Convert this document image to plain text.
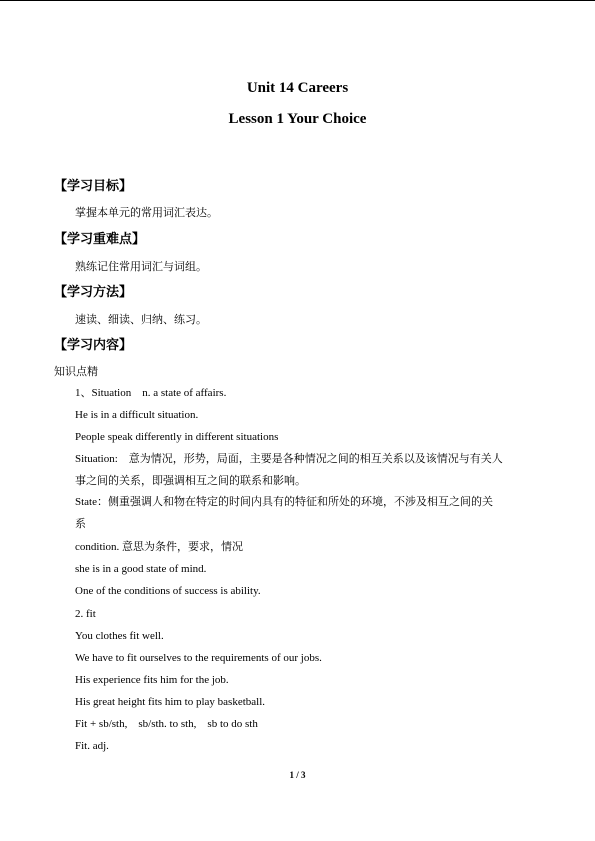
Unit 14 Careers
Lesson 1 Your Choice
【学习目标】
掌握本单元的常用词汇表达。
【学习重难点】
熟练记住常用词汇与词组。
【学习方法】
速读、细读、归纳、练习。
【学习内容】
知识点精
1、Situation　n. a state of affairs.
He is in a difficult situation.
People speak differently in different situations
Situation:　意为情况，形势，局面，主要是各种情况之间的相互关系以及该情况与有关人
事之间的关系，即强调相互之间的联系和影响。
State：侧重强调人和物在特定的时间内具有的特征和所处的环境，不涉及相互之间的关
系
condition. 意思为条件，要求，情况
she is in a good state of mind.
One of the conditions of success is ability.
2. fit
You clothes fit well.
We have to fit ourselves to the requirements of our jobs.
His experience fits him for the job.
His great height fits him to play basketball.
Fit + sb/sth,　sb/sth. to sth,　sb to do sth
Fit. adj.
1 / 3
